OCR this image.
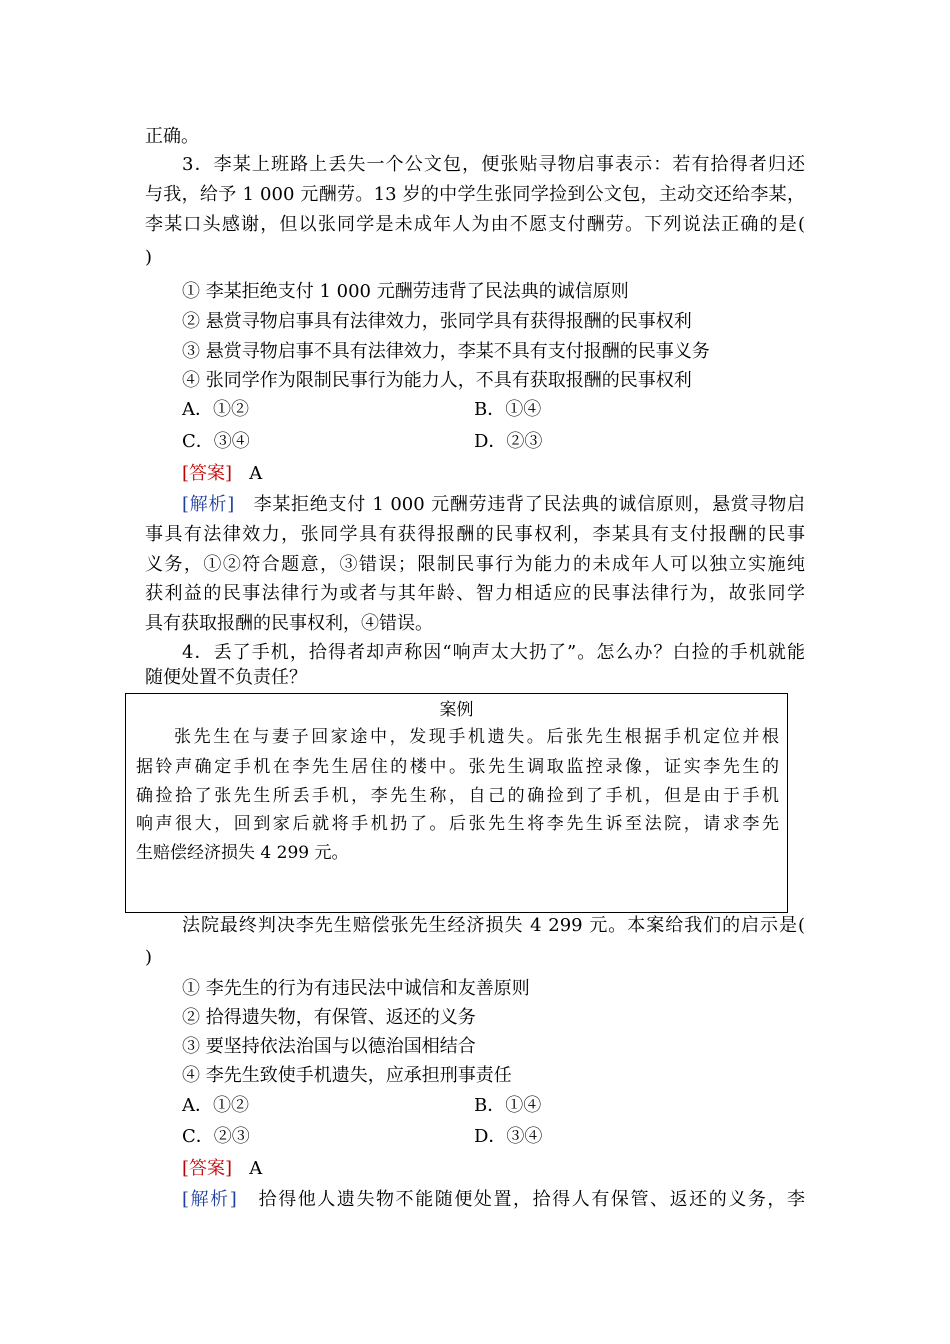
正确。
3．李某上班路上丢失一个公文包，便张贴寻物启事表示：若有拾得者归还
与我，给予 1 000 元酬劳。13 岁的中学生张同学捡到公文包，主动交还给李某，
李某口头感谢，但以张同学是未成年人为由不愿支付酬劳。下列说法正确的是(
)
① 李某拒绝支付 1 000 元酬劳违背了民法典的诚信原则
② 悬赏寻物启事具有法律效力，张同学具有获得报酬的民事权利
③ 悬赏寻物启事不具有法律效力，李某不具有支付报酬的民事义务
④ 张同学作为限制民事行为能力人，不具有获取报酬的民事权利
A．①②	B．①④
C．③④	D．②③
[答案] A
[解析] 李某拒绝支付 1 000 元酬劳违背了民法典的诚信原则，悬赏寻物启
事具有法律效力，张同学具有获得报酬的民事权利，李某具有支付报酬的民事
义务，①②符合题意，③错误；限制民事行为能力的未成年人可以独立实施纯
获利益的民事法律行为或者与其年龄、智力相适应的民事法律行为，故张同学
具有获取报酬的民事权利，④错误。
4．丢了手机，拾得者却声称因“响声太大扔了”。怎么办？白捡的手机就能
随便处置不负责任？
案例
张先生在与妻子回家途中，发现手机遗失。后张先生根据手机定位并根
据铃声确定手机在李先生居住的楼中。张先生调取监控录像，证实李先生的
确捡拾了张先生所丢手机，李先生称，自己的确捡到了手机，但是由于手机
响声很大，回到家后就将手机扔了。后张先生将李先生诉至法院，请求李先
生赔偿经济损失 4 299 元。
法院最终判决李先生赔偿张先生经济损失 4 299 元。本案给我们的启示是(
)
① 李先生的行为有违民法中诚信和友善原则
② 拾得遗失物，有保管、返还的义务
③ 要坚持依法治国与以德治国相结合
④ 李先生致使手机遗失，应承担刑事责任
A．①②	B．①④
C．②③	D．③④
[答案] A
[解析] 拾得他人遗失物不能随便处置，拾得人有保管、返还的义务，李
